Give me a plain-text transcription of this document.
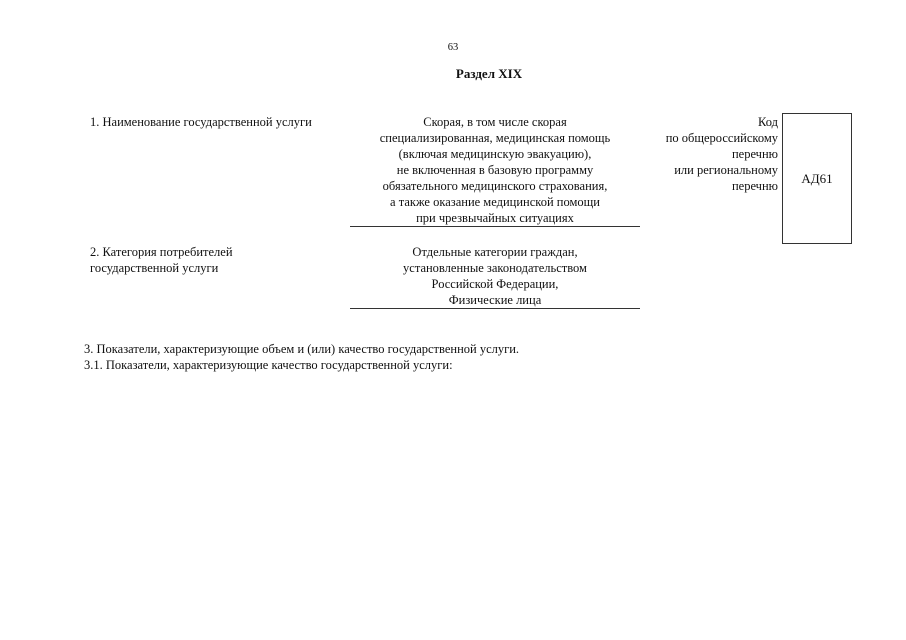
63
Раздел XIX
1. Наименование государственной услуги	Скорая, в том числе скорая
специализированная, медицинская помощь
(включая медицинскую эвакуацию),
не включенная в базовую программу
обязательного медицинского страхования,
а также оказание медицинской помощи
при чрезвычайных ситуациях
Код
по общероссийскому
перечню
или региональному
перечню
АД61
2. Категория потребителей
государственной услуги
Отдельные категории граждан,
установленные законодательством
Российской Федерации,
Физические лица
3. Показатели, характеризующие объем и (или) качество государственной услуги.
3.1. Показатели, характеризующие качество государственной услуги:
